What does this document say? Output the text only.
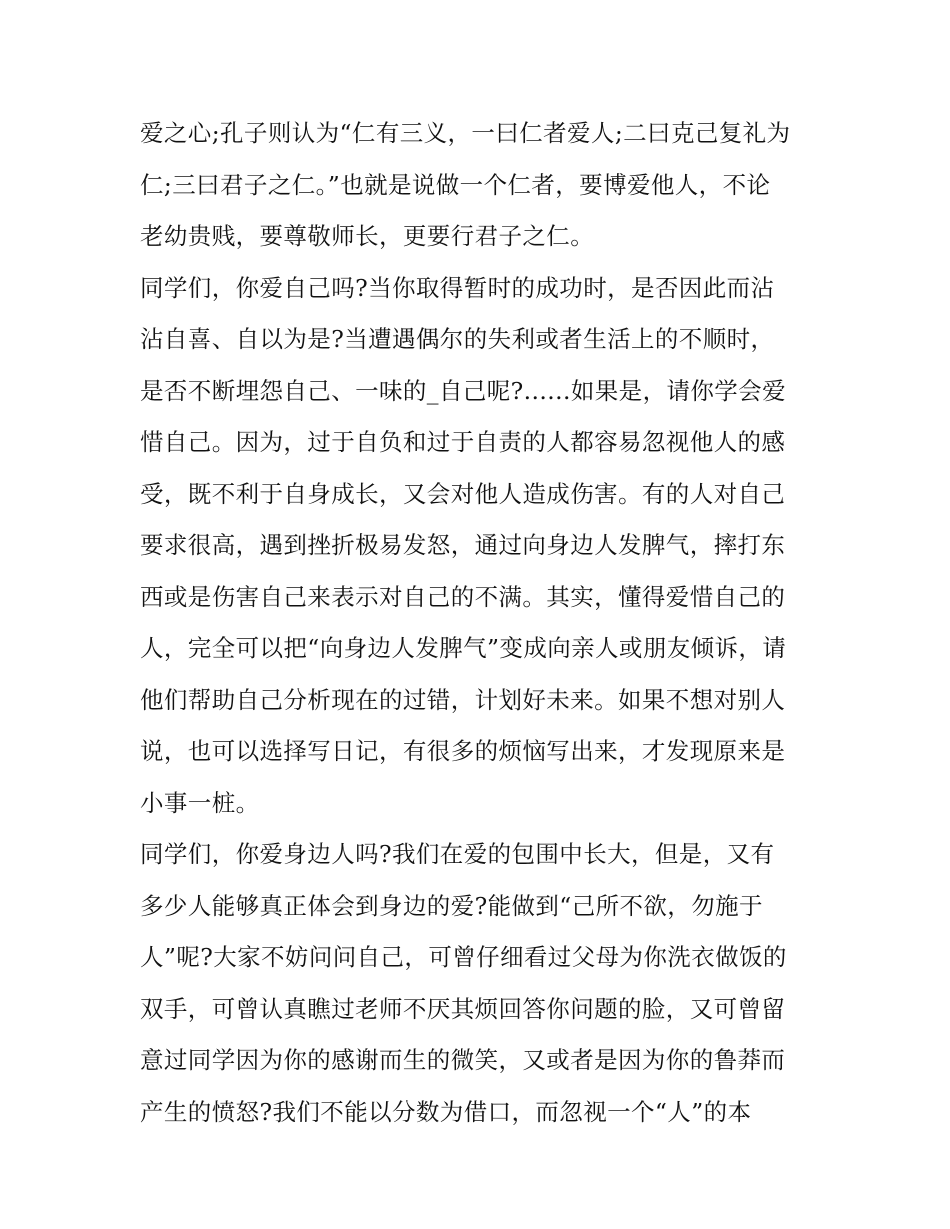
爱之心;孔子则认为“仁有三义，一曰仁者爱人;二曰克己复礼为
仁;三曰君子之仁。”也就是说做一个仁者，要博爱他人，不论
老幼贵贱，要尊敬师长，更要行君子之仁。
同学们，你爱自己吗?当你取得暂时的成功时，是否因此而沾
沾自喜、自以为是?当遭遇偶尔的失利或者生活上的不顺时，
是否不断埋怨自己、一味的_自己呢?......如果是，请你学会爱
惜自己。因为，过于自负和过于自责的人都容易忽视他人的感
受，既不利于自身成长，又会对他人造成伤害。有的人对自己
要求很高，遇到挫折极易发怒，通过向身边人发脾气，摔打东
西或是伤害自己来表示对自己的不满。其实，懂得爱惜自己的
人，完全可以把“向身边人发脾气”变成向亲人或朋友倾诉，请
他们帮助自己分析现在的过错，计划好未来。如果不想对别人
说，也可以选择写日记，有很多的烦恼写出来，才发现原来是
小事一桩。
同学们，你爱身边人吗?我们在爱的包围中长大，但是，又有
多少人能够真正体会到身边的爱?能做到“己所不欲，勿施于
人”呢?大家不妨问问自己，可曾仔细看过父母为你洗衣做饭的
双手，可曾认真瞧过老师不厌其烦回答你问题的脸，又可曾留
意过同学因为你的感谢而生的微笑，又或者是因为你的鲁莽而
产生的愤怒?我们不能以分数为借口，而忽视一个“人”的本
